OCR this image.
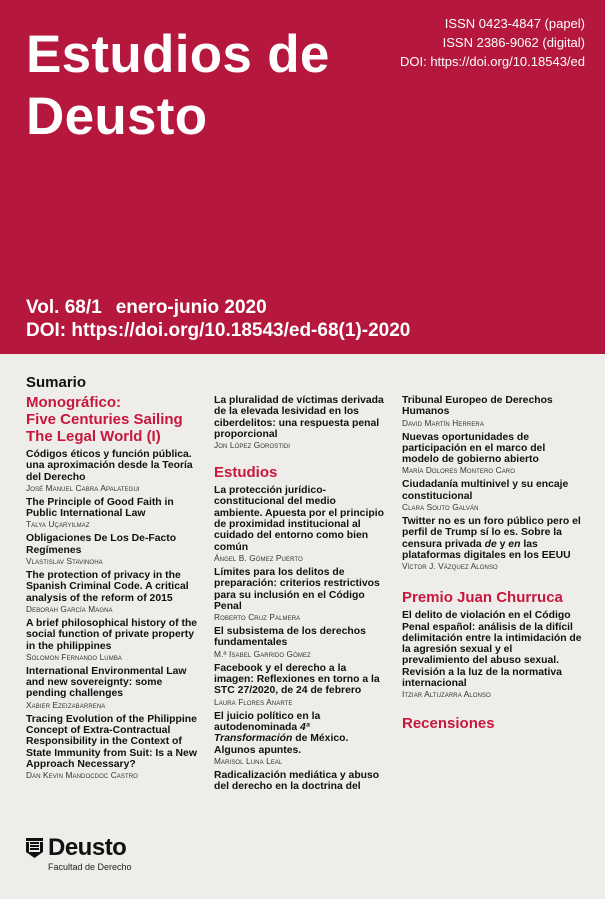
Estudios de
Deusto
ISSN 0423-4847 (papel)
ISSN 2386-9062 (digital)
DOI: https://doi.org/10.18543/ed
Vol. 68/1 enero-junio 2020
DOI: https://doi.org/10.18543/ed-68(1)-2020
Sumario
Monográfico:
Five Centuries Sailing
The Legal World (I)
Códigos éticos y función pública. una aproximación desde la Teoría del Derecho
José Manuel Cabra Apalategui
The Principle of Good Faith in Public International Law
Talya Uçaryilmaz
Obligaciones De Los De-Facto Regímenes
Vlastislav Stavinoha
The protection of privacy in the Spanish Criminal Code. A critical analysis of the reform of 2015
Deborah García Magna
A brief philosophical history of the social function of private property in the philippines
Solomon Fernando Lumba
International Environmental Law and new sovereignty: some pending challenges
Xabier Ezeizabarrena
Tracing Evolution of the Philippine Concept of Extra-Contractual Responsibility in the Context of State Immunity from Suit: Is a New Approach Necessary?
Dan Kevin Mandocdoc Castro
La pluralidad de víctimas derivada de la elevada lesividad en los ciberdelitos: una respuesta penal proporcional
Jon López Gorostidi
Estudios
La protección jurídico-constitucional del medio ambiente. Apuesta por el principio de proximidad institucional al cuidado del entorno como bien común
Ángel B. Gómez Puerto
Límites para los delitos de preparación: criterios restrictivos para su inclusión en el Código Penal
Roberto Cruz Palmera
El subsistema de los derechos fundamentales
M.ª Isabel Garrido Gómez
Facebook y el derecho a la imagen: Reflexiones en torno a la STC 27/2020, de 24 de febrero
Laura Flores Anarte
El juicio político en la autodenominada 4ª Transformación de México. Algunos apuntes.
Marisol Luna Leal
Radicalización mediática y abuso del derecho en la doctrina del
Tribunal Europeo de Derechos Humanos
David Martín Herrera
Nuevas oportunidades de participación en el marco del modelo de gobierno abierto
María Dolores Montero Caro
Ciudadanía multinivel y su encaje constitucional
Clara Souto Galván
Twitter no es un foro público pero el perfil de Trump sí lo es. Sobre la censura privada de y en las plataformas digitales en los EEUU
Víctor J. Vázquez Alonso
Premio Juan Churruca
El delito de violación en el Código Penal español: análisis de la difícil delimitación entre la intimidación de la agresión sexual y el prevalimiento del abuso sexual. Revisión a la luz de la normativa internacional
Itziar Altuzarra Alonso
Recensiones
Deusto
Facultad de Derecho
